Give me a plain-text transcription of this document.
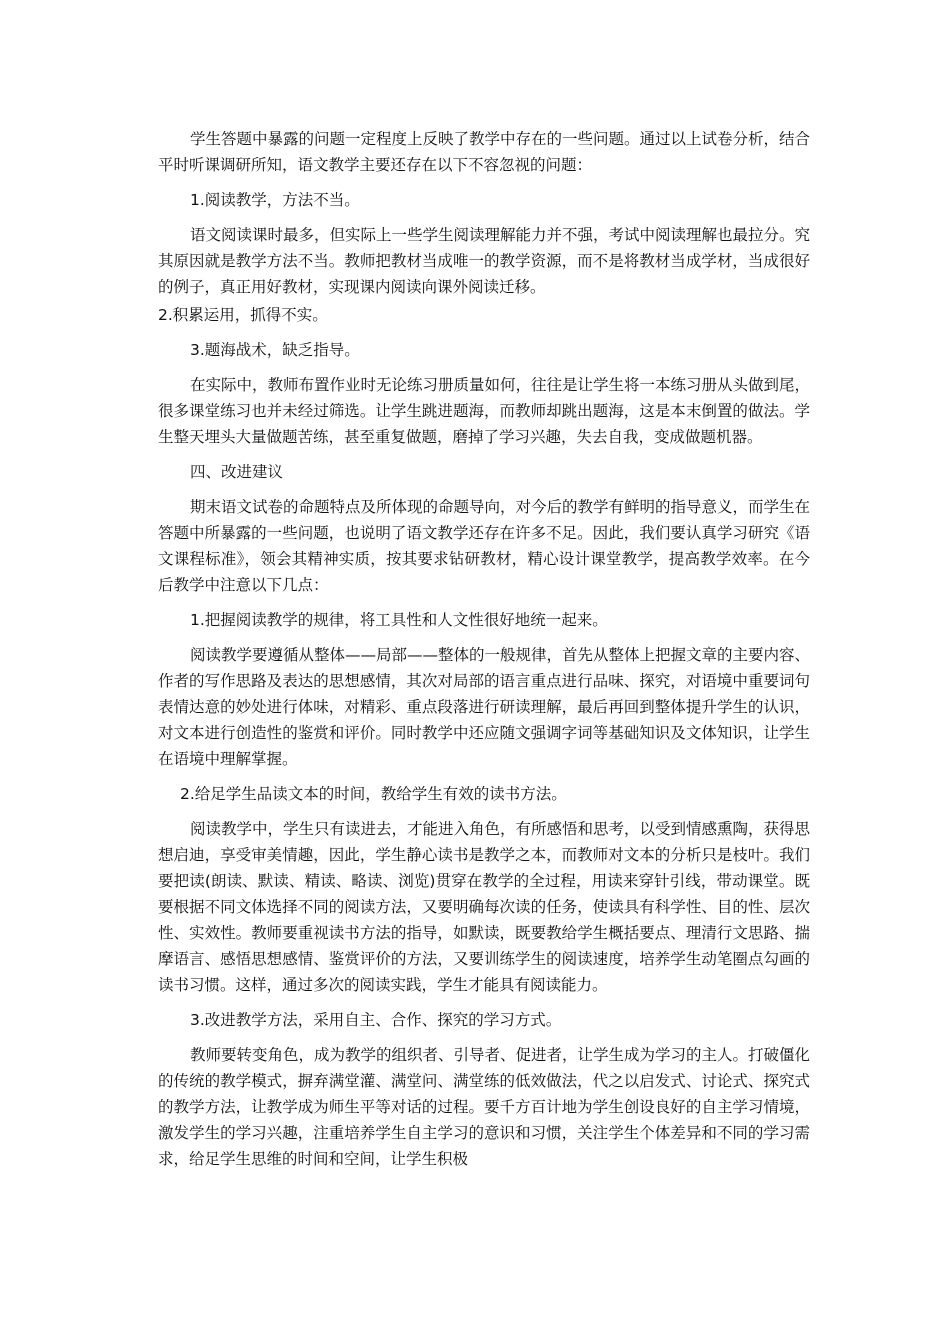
学生答题中暴露的问题一定程度上反映了教学中存在的一些问题。通过以上试卷分析，结合平时听课调研所知，语文教学主要还存在以下不容忽视的问题：

1.阅读教学，方法不当。

语文阅读课时最多，但实际上一些学生阅读理解能力并不强，考试中阅读理解也最拉分。究其原因就是教学方法不当。教师把教材当成唯一的教学资源，而不是将教材当成学材，当成很好的例子，真正用好教材，实现课内阅读向课外阅读迁移。

2.积累运用，抓得不实。
3.题海战术，缺乏指导。

在实际中，教师布置作业时无论练习册质量如何，往往是让学生将一本练习册从头做到尾，很多课堂练习也并未经过筛选。让学生跳进题海，而教师却跳出题海，这是本末倒置的做法。学生整天埋头大量做题苦练，甚至重复做题，磨掉了学习兴趣，失去自我，变成做题机器。

四、改进建议

期末语文试卷的命题特点及所体现的命题导向，对今后的教学有鲜明的指导意义，而学生在答题中所暴露的一些问题，也说明了语文教学还存在许多不足。因此，我们要认真学习研究《语文课程标准》，领会其精神实质，按其要求钻研教材，精心设计课堂教学，提高教学效率。在今后教学中注意以下几点：

1.把握阅读教学的规律，将工具性和人文性很好地统一起来。

阅读教学要遵循从整体——局部——整体的一般规律，首先从整体上把握文章的主要内容、作者的写作思路及表达的思想感情，其次对局部的语言重点进行品味、探究，对语境中重要词句表情达意的妙处进行体味，对精彩、重点段落进行研读理解，最后再回到整体提升学生的认识，对文本进行创造性的鉴赏和评价。同时教学中还应随文强调字词等基础知识及文体知识，让学生在语境中理解掌握。

2.给足学生品读文本的时间，教给学生有效的读书方法。

阅读教学中，学生只有读进去，才能进入角色，有所感悟和思考，以受到情感熏陶，获得思想启迪，享受审美情趣，因此，学生静心读书是教学之本，而教师对文本的分析只是枝叶。我们要把读(朗读、默读、精读、略读、浏览)贯穿在教学的全过程，用读来穿针引线，带动课堂。既要根据不同文体选择不同的阅读方法，又要明确每次读的任务，使读具有科学性、目的性、层次性、实效性。教师要重视读书方法的指导，如默读，既要教给学生概括要点、理清行文思路、揣摩语言、感悟思想感情、鉴赏评价的方法，又要训练学生的阅读速度，培养学生动笔圈点勾画的读书习惯。这样，通过多次的阅读实践，学生才能具有阅读能力。

3.改进教学方法，采用自主、合作、探究的学习方式。

教师要转变角色，成为教学的组织者、引导者、促进者，让学生成为学习的主人。打破僵化的传统的教学模式，摒弃满堂灌、满堂问、满堂练的低效做法，代之以启发式、讨论式、探究式的教学方法，让教学成为师生平等对话的过程。要千方百计地为学生创设良好的自主学习情境，激发学生的学习兴趣，注重培养学生自主学习的意识和习惯，关注学生个体差异和不同的学习需求，给足学生思维的时间和空间，让学生积极
